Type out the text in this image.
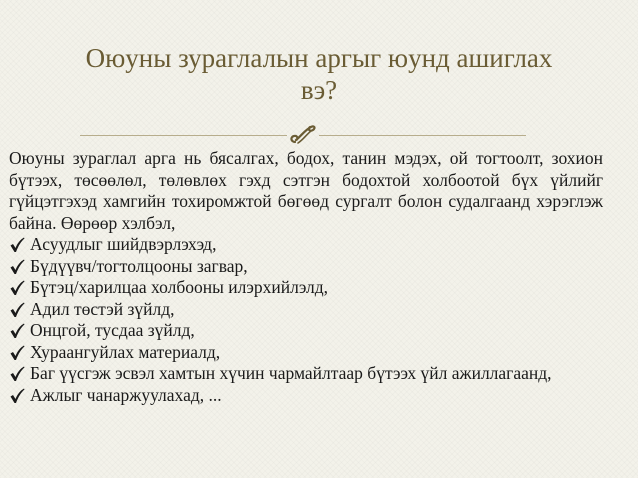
Оюуны зураглалын аргыг юунд ашиглах
вэ?

Оюуны зураглал арга нь бясалгах, бодох, танин мэдэх, ой тогтоолт, зохион бүтээх, төсөөлөл, төлөвлөх гэхд сэтгэн бодохтой холбоотой бүх үйлийг гүйцэтгэхэд хамгийн тохиромжтой бөгөөд сургалт болон судалгаанд хэрэглэж байна. Өөрөөр хэлбэл,

Асуудлыг шийдвэрлэхэд,
Бүдүүвч/тогтолцооны загвар,
Бүтэц/харилцаа холбооны илэрхийлэлд,
Адил төстэй зүйлд,
Онцгой, тусдаа зүйлд,
Хураангуйлах материалд,
Баг үүсгэж эсвэл хамтын хүчин чармайлтаар бүтээх үйл ажиллагаанд,
Ажлыг чанаржуулахад, ...
